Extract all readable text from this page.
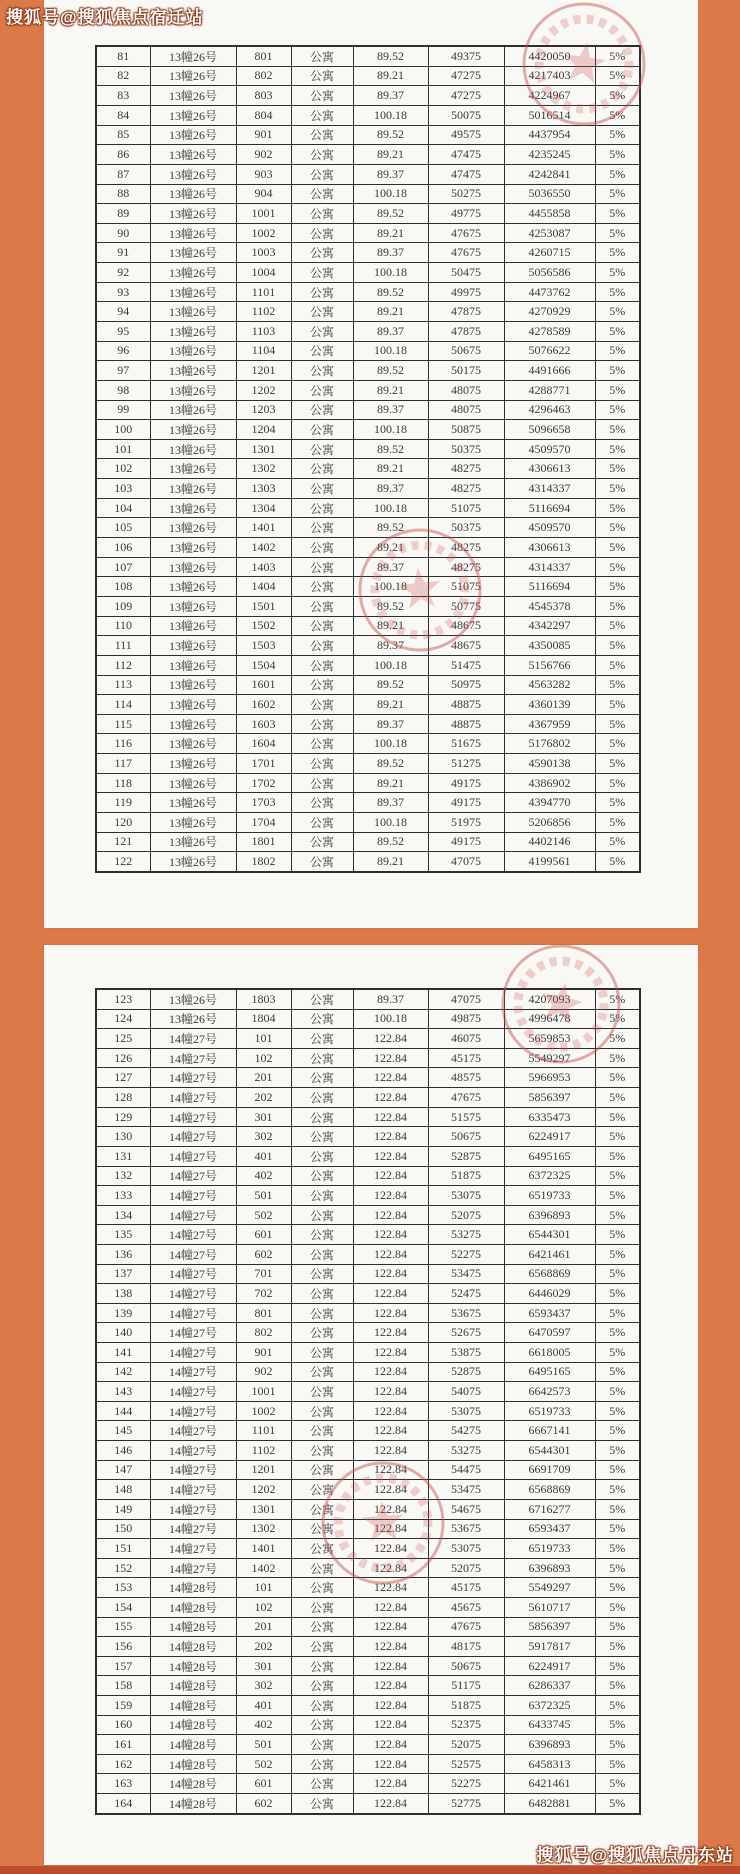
搜狐号@搜狐焦点宿迁站
81	13幢26号	801	公寓	89.52	49375	4420050	5%
82	13幢26号	802	公寓	89.21	47275	4217403	5%
83	13幢26号	803	公寓	89.37	47275	4224967	5%
84	13幢26号	804	公寓	100.18	50075	5016514	5%
85	13幢26号	901	公寓	89.52	49575	4437954	5%
86	13幢26号	902	公寓	89.21	47475	4235245	5%
87	13幢26号	903	公寓	89.37	47475	4242841	5%
88	13幢26号	904	公寓	100.18	50275	5036550	5%
89	13幢26号	1001	公寓	89.52	49775	4455858	5%
90	13幢26号	1002	公寓	89.21	47675	4253087	5%
91	13幢26号	1003	公寓	89.37	47675	4260715	5%
92	13幢26号	1004	公寓	100.18	50475	5056586	5%
93	13幢26号	1101	公寓	89.52	49975	4473762	5%
94	13幢26号	1102	公寓	89.21	47875	4270929	5%
95	13幢26号	1103	公寓	89.37	47875	4278589	5%
96	13幢26号	1104	公寓	100.18	50675	5076622	5%
97	13幢26号	1201	公寓	89.52	50175	4491666	5%
98	13幢26号	1202	公寓	89.21	48075	4288771	5%
99	13幢26号	1203	公寓	89.37	48075	4296463	5%
100	13幢26号	1204	公寓	100.18	50875	5096658	5%
101	13幢26号	1301	公寓	89.52	50375	4509570	5%
102	13幢26号	1302	公寓	89.21	48275	4306613	5%
103	13幢26号	1303	公寓	89.37	48275	4314337	5%
104	13幢26号	1304	公寓	100.18	51075	5116694	5%
105	13幢26号	1401	公寓	89.52	50375	4509570	5%
106	13幢26号	1402	公寓	89.21	48275	4306613	5%
107	13幢26号	1403	公寓	89.37	48275	4314337	5%
108	13幢26号	1404	公寓	100.18	51075	5116694	5%
109	13幢26号	1501	公寓	89.52	50775	4545378	5%
110	13幢26号	1502	公寓	89.21	48675	4342297	5%
111	13幢26号	1503	公寓	89.37	48675	4350085	5%
112	13幢26号	1504	公寓	100.18	51475	5156766	5%
113	13幢26号	1601	公寓	89.52	50975	4563282	5%
114	13幢26号	1602	公寓	89.21	48875	4360139	5%
115	13幢26号	1603	公寓	89.37	48875	4367959	5%
116	13幢26号	1604	公寓	100.18	51675	5176802	5%
117	13幢26号	1701	公寓	89.52	51275	4590138	5%
118	13幢26号	1702	公寓	89.21	49175	4386902	5%
119	13幢26号	1703	公寓	89.37	49175	4394770	5%
120	13幢26号	1704	公寓	100.18	51975	5206856	5%
121	13幢26号	1801	公寓	89.52	49175	4402146	5%
122	13幢26号	1802	公寓	89.21	47075	4199561	5%
123	13幢26号	1803	公寓	89.37	47075	4207093	5%
124	13幢26号	1804	公寓	100.18	49875	4996478	5%
125	14幢27号	101	公寓	122.84	46075	5659853	5%
126	14幢27号	102	公寓	122.84	45175	5549297	5%
127	14幢27号	201	公寓	122.84	48575	5966953	5%
128	14幢27号	202	公寓	122.84	47675	5856397	5%
129	14幢27号	301	公寓	122.84	51575	6335473	5%
130	14幢27号	302	公寓	122.84	50675	6224917	5%
131	14幢27号	401	公寓	122.84	52875	6495165	5%
132	14幢27号	402	公寓	122.84	51875	6372325	5%
133	14幢27号	501	公寓	122.84	53075	6519733	5%
134	14幢27号	502	公寓	122.84	52075	6396893	5%
135	14幢27号	601	公寓	122.84	53275	6544301	5%
136	14幢27号	602	公寓	122.84	52275	6421461	5%
137	14幢27号	701	公寓	122.84	53475	6568869	5%
138	14幢27号	702	公寓	122.84	52475	6446029	5%
139	14幢27号	801	公寓	122.84	53675	6593437	5%
140	14幢27号	802	公寓	122.84	52675	6470597	5%
141	14幢27号	901	公寓	122.84	53875	6618005	5%
142	14幢27号	902	公寓	122.84	52875	6495165	5%
143	14幢27号	1001	公寓	122.84	54075	6642573	5%
144	14幢27号	1002	公寓	122.84	53075	6519733	5%
145	14幢27号	1101	公寓	122.84	54275	6667141	5%
146	14幢27号	1102	公寓	122.84	53275	6544301	5%
147	14幢27号	1201	公寓	122.84	54475	6691709	5%
148	14幢27号	1202	公寓	122.84	53475	6568869	5%
149	14幢27号	1301	公寓	122.84	54675	6716277	5%
150	14幢27号	1302	公寓	122.84	53675	6593437	5%
151	14幢27号	1401	公寓	122.84	53075	6519733	5%
152	14幢27号	1402	公寓	122.84	52075	6396893	5%
153	14幢28号	101	公寓	122.84	45175	5549297	5%
154	14幢28号	102	公寓	122.84	45675	5610717	5%
155	14幢28号	201	公寓	122.84	47675	5856397	5%
156	14幢28号	202	公寓	122.84	48175	5917817	5%
157	14幢28号	301	公寓	122.84	50675	6224917	5%
158	14幢28号	302	公寓	122.84	51175	6286337	5%
159	14幢28号	401	公寓	122.84	51875	6372325	5%
160	14幢28号	402	公寓	122.84	52375	6433745	5%
161	14幢28号	501	公寓	122.84	52075	6396893	5%
162	14幢28号	502	公寓	122.84	52575	6458313	5%
163	14幢28号	601	公寓	122.84	52275	6421461	5%
164	14幢28号	602	公寓	122.84	52775	6482881	5%
搜狐号@搜狐焦点丹东站
